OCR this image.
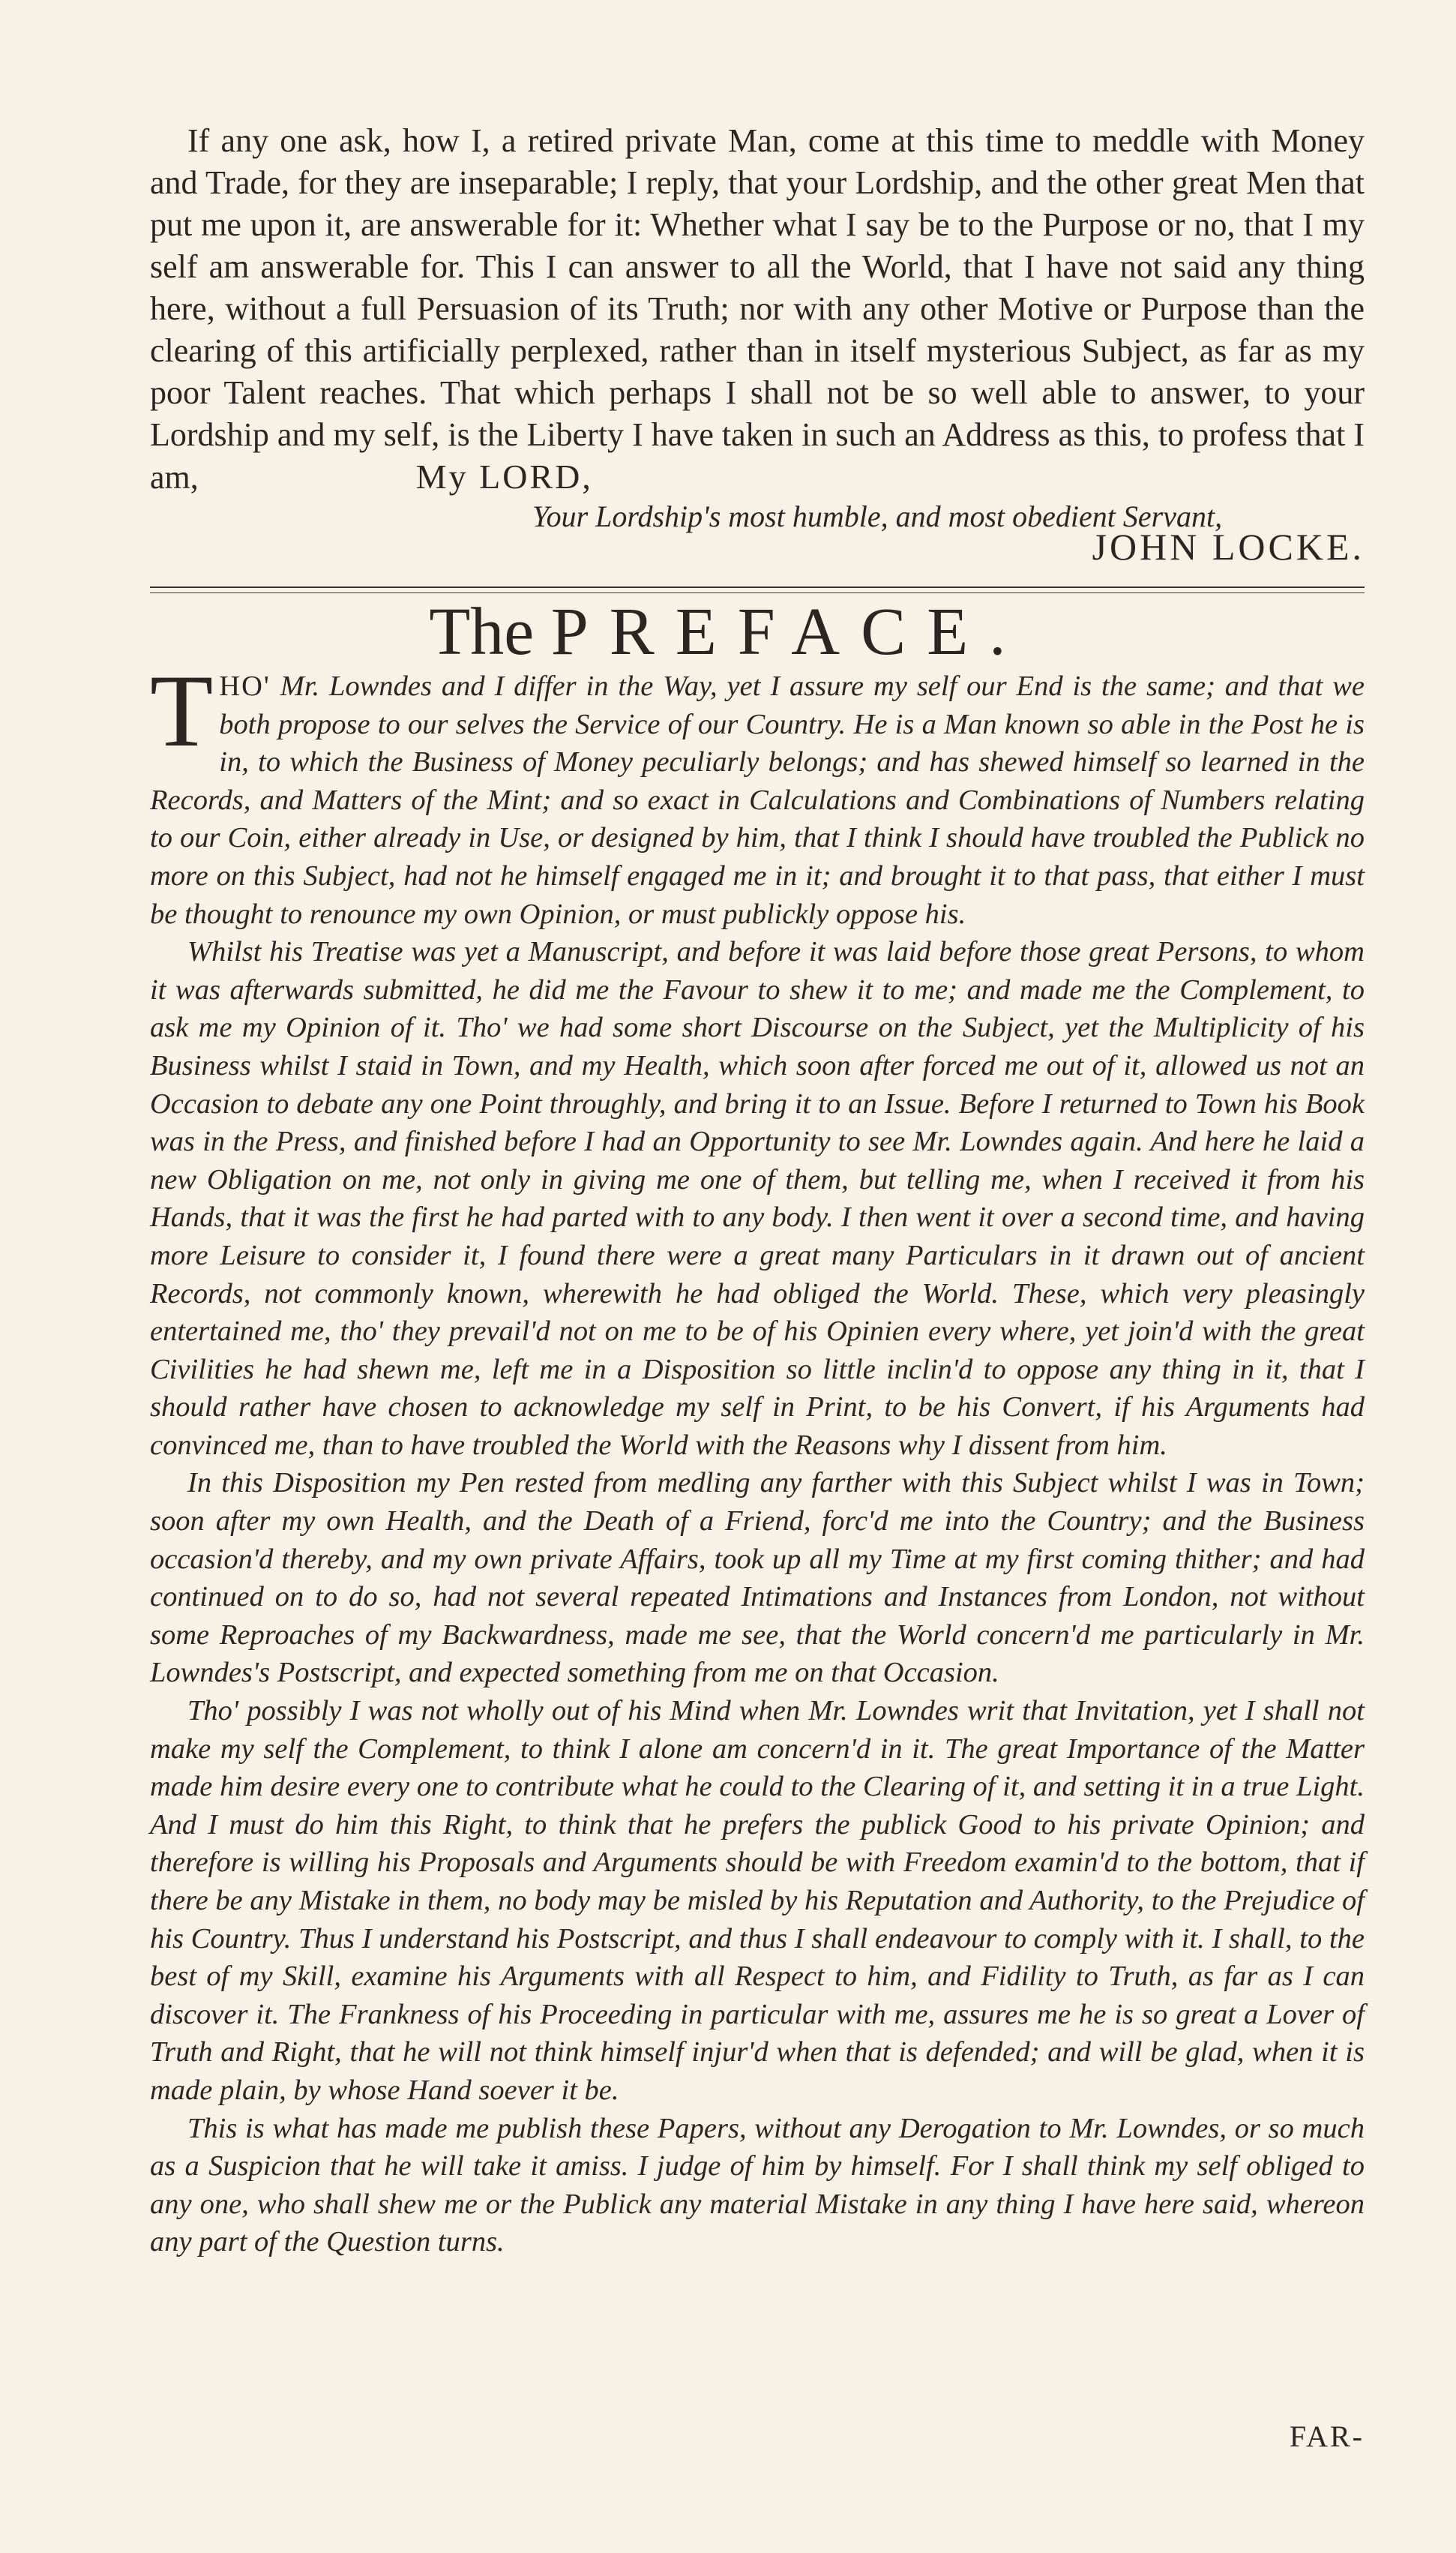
If any one ask, how I, a retired private Man, come at this time to meddle with Money and Trade, for they are inseparable; I reply, that your Lordship, and the other great Men that put me upon it, are answerable for it: Whether what I say be to the Purpose or no, that I my self am answerable for. This I can answer to all the World, that I have not said any thing here, without a full Persuasion of its Truth; nor with any other Motive or Purpose than the clearing of this artificially perplexed, rather than in itself mysterious Subject, as far as my poor Talent reaches. That which perhaps I shall not be so well able to answer, to your Lordship and my self, is the Liberty I have taken in such an Address as this, to profess that I am,	My LORD,
Your Lordship's most humble, and most obedient Servant,
JOHN LOCKE.
The PREFACE.

THO' Mr. Lowndes and I differ in the Way, yet I assure my self our End is the same; and that we both propose to our selves the Service of our Country. He is a Man known so able in the Post he is in, to which the Business of Money peculiarly belongs; and has shewed himself so learned in the Records, and Matters of the Mint; and so exact in Calculations and Combinations of Numbers relating to our Coin, either already in Use, or designed by him, that I think I should have troubled the Publick no more on this Subject, had not he himself engaged me in it; and brought it to that pass, that either I must be thought to renounce my own Opinion, or must publickly oppose his.

Whilst his Treatise was yet a Manuscript, and before it was laid before those great Persons, to whom it was afterwards submitted, he did me the Favour to shew it to me; and made me the Complement, to ask me my Opinion of it. Tho' we had some short Discourse on the Subject, yet the Multiplicity of his Business whilst I staid in Town, and my Health, which soon after forced me out of it, allowed us not an Occasion to debate any one Point throughly, and bring it to an Issue. Before I returned to Town his Book was in the Press, and finished before I had an Opportunity to see Mr. Lowndes again. And here he laid a new Obligation on me, not only in giving me one of them, but telling me, when I received it from his Hands, that it was the first he had parted with to any body. I then went it over a second time, and having more Leisure to consider it, I found there were a great many Particulars in it drawn out of ancient Records, not commonly known, wherewith he had obliged the World. These, which very pleasingly entertained me, tho' they prevail'd not on me to be of his Opinien every where, yet join'd with the great Civilities he had shewn me, left me in a Disposition so little inclin'd to oppose any thing in it, that I should rather have chosen to acknowledge my self in Print, to be his Convert, if his Arguments had convinced me, than to have troubled the World with the Reasons why I dissent from him.

In this Disposition my Pen rested from medling any farther with this Subject whilst I was in Town; soon after my own Health, and the Death of a Friend, forc'd me into the Country; and the Business occasion'd thereby, and my own private Affairs, took up all my Time at my first coming thither; and had continued on to do so, had not several repeated Intimations and Instances from London, not without some Reproaches of my Backwardness, made me see, that the World concern'd me particularly in Mr. Lowndes's Postscript, and expected something from me on that Occasion.

Tho' possibly I was not wholly out of his Mind when Mr. Lowndes writ that Invitation, yet I shall not make my self the Complement, to think I alone am concern'd in it. The great Importance of the Matter made him desire every one to contribute what he could to the Clearing of it, and setting it in a true Light. And I must do him this Right, to think that he prefers the publick Good to his private Opinion; and therefore is willing his Proposals and Arguments should be with Freedom examin'd to the bottom, that if there be any Mistake in them, no body may be misled by his Reputation and Authority, to the Prejudice of his Country. Thus I understand his Postscript, and thus I shall endeavour to comply with it. I shall, to the best of my Skill, examine his Arguments with all Respect to him, and Fidility to Truth, as far as I can discover it. The Frankness of his Proceeding in particular with me, assures me he is so great a Lover of Truth and Right, that he will not think himself injur'd when that is defended; and will be glad, when it is made plain, by whose Hand soever it be.

This is what has made me publish these Papers, without any Derogation to Mr. Lowndes, or so much as a Suspicion that he will take it amiss. I judge of him by himself. For I shall think my self obliged to any one, who shall shew me or the Publick any material Mistake in any thing I have here said, whereon any part of the Question turns.

FAR-
